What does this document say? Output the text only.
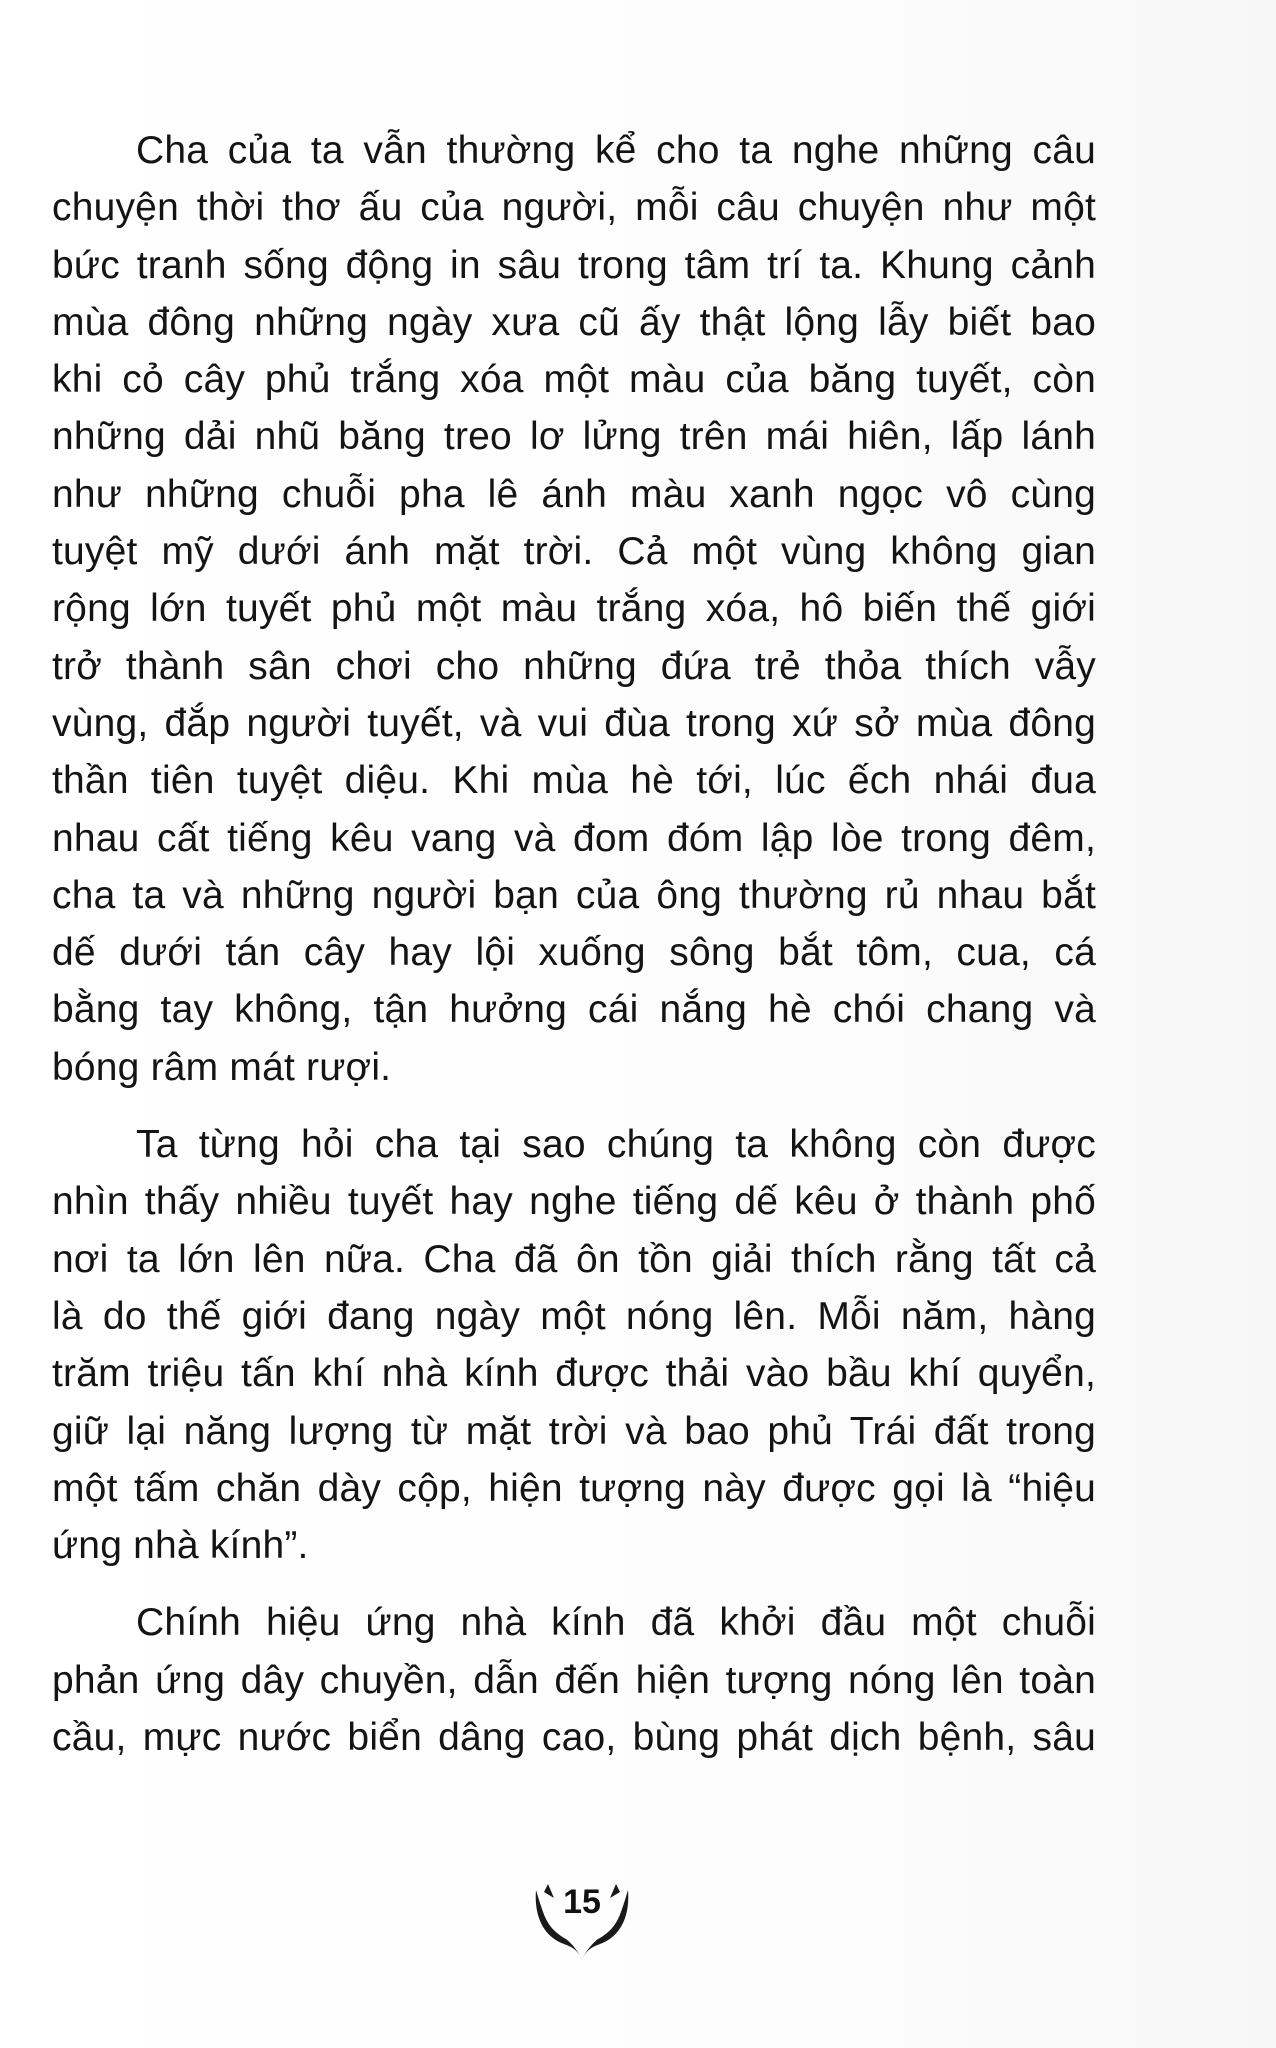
Cha của ta vẫn thường kể cho ta nghe những câu
chuyện thời thơ ấu của người, mỗi câu chuyện như một
bức tranh sống động in sâu trong tâm trí ta. Khung cảnh
mùa đông những ngày xưa cũ ấy thật lộng lẫy biết bao
khi cỏ cây phủ trắng xóa một màu của băng tuyết, còn
những dải nhũ băng treo lơ lửng trên mái hiên, lấp lánh
như những chuỗi pha lê ánh màu xanh ngọc vô cùng
tuyệt mỹ dưới ánh mặt trời. Cả một vùng không gian
rộng lớn tuyết phủ một màu trắng xóa, hô biến thế giới
trở thành sân chơi cho những đứa trẻ thỏa thích vẫy
vùng, đắp người tuyết, và vui đùa trong xứ sở mùa đông
thần tiên tuyệt diệu. Khi mùa hè tới, lúc ếch nhái đua
nhau cất tiếng kêu vang và đom đóm lập lòe trong đêm,
cha ta và những người bạn của ông thường rủ nhau bắt
dế dưới tán cây hay lội xuống sông bắt tôm, cua, cá
bằng tay không, tận hưởng cái nắng hè chói chang và
bóng râm mát rượi.

Ta từng hỏi cha tại sao chúng ta không còn được
nhìn thấy nhiều tuyết hay nghe tiếng dế kêu ở thành phố
nơi ta lớn lên nữa. Cha đã ôn tồn giải thích rằng tất cả
là do thế giới đang ngày một nóng lên. Mỗi năm, hàng
trăm triệu tấn khí nhà kính được thải vào bầu khí quyển,
giữ lại năng lượng từ mặt trời và bao phủ Trái đất trong
một tấm chăn dày cộp, hiện tượng này được gọi là “hiệu
ứng nhà kính”.

Chính hiệu ứng nhà kính đã khởi đầu một chuỗi
phản ứng dây chuyền, dẫn đến hiện tượng nóng lên toàn
cầu, mực nước biển dâng cao, bùng phát dịch bệnh, sâu

15
